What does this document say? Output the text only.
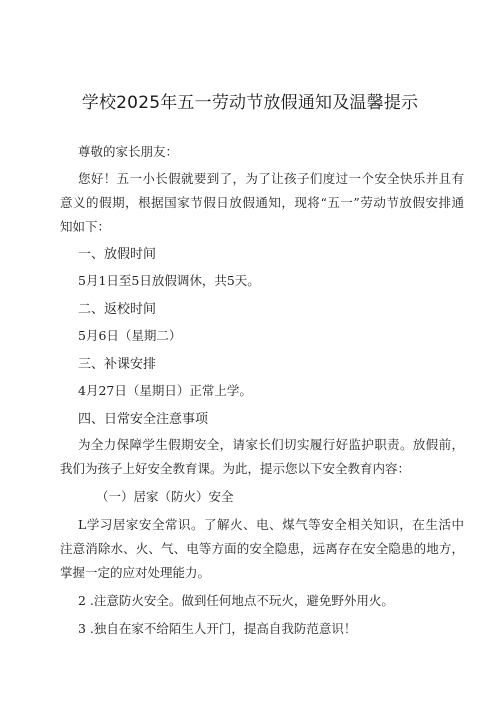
学校2025年五一劳动节放假通知及温馨提示
尊敬的家长朋友：
您好！五一小长假就要到了，为了让孩子们度过一个安全快乐并且有
意义的假期，根据国家节假日放假通知，现将“五一”劳动节放假安排通
知如下：
一、放假时间
5月1日至5日放假调休，共5天。
二、返校时间
5月6日（星期二）
三、补课安排
4月27日（星期日）正常上学。
四、日常安全注意事项
为全力保障学生假期安全，请家长们切实履行好监护职责。放假前，
我们为孩子上好安全教育课。为此，提示您以下安全教育内容：
（一）居家（防火）安全
L学习居家安全常识。了解火、电、煤气等安全相关知识，在生活中
注意消除水、火、气、电等方面的安全隐患，远离存在安全隐患的地方，
掌握一定的应对处理能力。
2 .注意防火安全。做到任何地点不玩火，避免野外用火。
3 .独自在家不给陌生人开门，提高自我防范意识！
